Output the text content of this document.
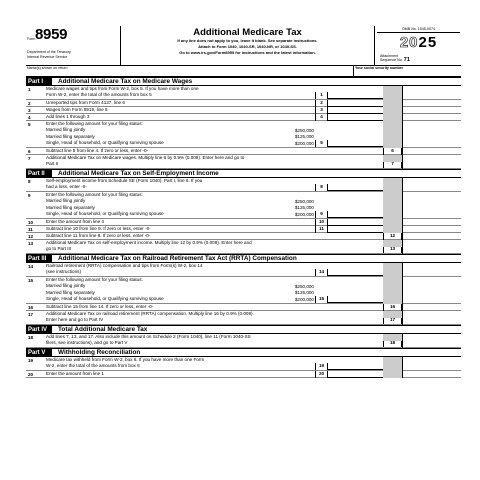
Form 8959
Department of the Treasury
Internal Revenue Service
Additional Medicare Tax
If any line does not apply to you, leave it blank. See separate instructions.
Attach to Form 1040, 1040-SR, 1040-NR, or 1040-SS.
Go to www.irs.gov/Form8959 for instructions and the latest information.
OMB No. 1545-0074
2025
Attachment
Sequence No. 71
Name(s) shown on return	Your social security number
Part I	Additional Medicare Tax on Medicare Wages
1	Medicare wages and tips from Form W-2, box 5. If you have more than one
Form W-2, enter the total of the amounts from box 5	1
2	Unreported tips from Form 4137, line 6	2
3	Wages from Form 8919, line 6	3
4	Add lines 1 through 3	4
5	Enter the following amount for your filing status:
Married filing jointly
Married filing separately
Single, Head of household, or Qualifying surviving spouse
$250,000
$125,000
$200,000	5
6	Subtract line 5 from line 4. If zero or less, enter -0-	6
7	Additional Medicare Tax on Medicare wages. Multiply line 6 by 0.9% (0.009). Enter here and go to
Part II	7
Part II	Additional Medicare Tax on Self-Employment Income
8	Self-employment income from Schedule SE (Form 1040), Part I, line 6. If you
had a loss, enter -0-	8
9	Enter the following amount for your filing status:
Married filing jointly
Married filing separately
Single, Head of household, or Qualifying surviving spouse
$250,000
$125,000
$200,000	9
10	Enter the amount from line 4	10
11	Subtract line 10 from line 9. If zero or less, enter -0-	11
12	Subtract line 11 from line 8. If zero or less, enter -0-	12
13	Additional Medicare Tax on self-employment income. Multiply line 12 by 0.9% (0.009). Enter here and
go to Part III	13
Part III	Additional Medicare Tax on Railroad Retirement Tax Act (RRTA) Compensation
14	Railroad retirement (RRTA) compensation and tips from Form(s) W-2, box 14
(see instructions)	14
15	Enter the following amount for your filing status:
Married filing jointly
Married filing separately
Single, Head of household, or Qualifying surviving spouse
$250,000
$125,000
$200,000	15
16	Subtract line 15 from line 14. If zero or less, enter -0-	16
17	Additional Medicare Tax on railroad retirement (RRTA) compensation. Multiply line 16 by 0.9% (0.009).
Enter here and go to Part IV	17
Part IV	Total Additional Medicare Tax
18	Add lines 7, 13, and 17. Also include this amount on Schedule 2 (Form 1040), line 11 (Form 1040-SS
filers, see instructions), and go to Part V	18
Part V	Withholding Reconciliation
19	Medicare tax withheld from Form W-2, box 6. If you have more than one Form
W-2, enter the total of the amounts from box 6	19
20	Enter the amount from line 1	20
